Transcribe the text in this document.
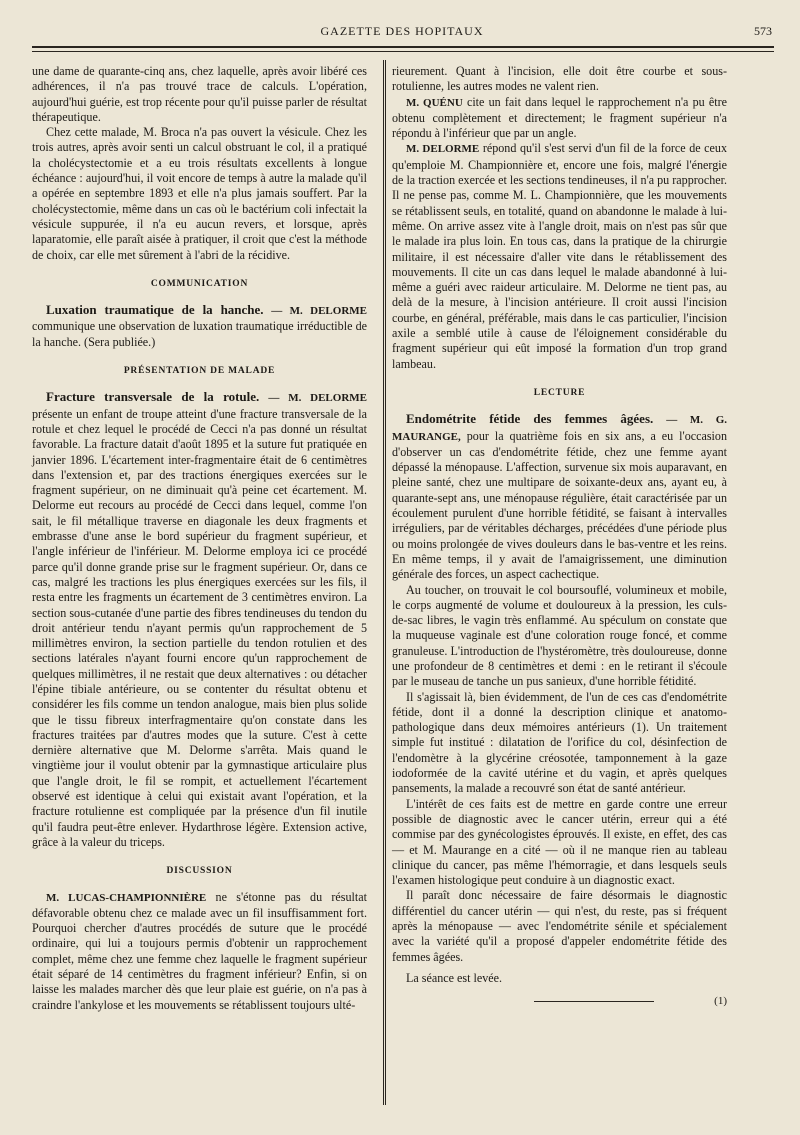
GAZETTE DES HOPITAUX	573

une dame de quarante-cinq ans, chez laquelle, après avoir libéré ces adhérences, il n'a pas trouvé trace de calculs. L'opération, aujourd'hui guérie, est trop récente pour qu'il puisse parler de résultat thérapeutique.

Chez cette malade, M. Broca n'a pas ouvert la vésicule. Chez les trois autres, après avoir senti un calcul obstruant le col, il a pratiqué la cholécystectomie et a eu trois résultats excellents à longue échéance : aujourd'hui, il voit encore de temps à autre la malade qu'il a opérée en septembre 1893 et elle n'a plus jamais souffert. Par la cholécystectomie, même dans un cas où le bactérium coli infectait la vésicule suppurée, il n'a eu aucun revers, et lorsque, après laparatomie, elle paraît aisée à pratiquer, il croit que c'est la méthode de choix, car elle met sûrement à l'abri de la récidive.

COMMUNICATION

Luxation traumatique de la hanche. — M. DELORME communique une observation de luxation traumatique irréductible de la hanche. (Sera publiée.)

PRÉSENTATION DE MALADE

Fracture transversale de la rotule. — M. DELORME présente un enfant de troupe atteint d'une fracture transversale de la rotule et chez lequel le procédé de Cecci n'a pas donné un résultat favorable. La fracture datait d'août 1895 et la suture fut pratiquée en janvier 1896. L'écartement inter-fragmentaire était de 6 centimètres dans l'extension et, par des tractions énergiques exercées sur le fragment supérieur, on ne diminuait qu'à peine cet écartement. M. Delorme eut recours au procédé de Cecci dans lequel, comme l'on sait, le fil métallique traverse en diagonale les deux fragments et embrasse d'une anse le bord supérieur du fragment supérieur, et l'angle inférieur de l'inférieur. M. Delorme employa ici ce procédé parce qu'il donne grande prise sur le fragment supérieur. Or, dans ce cas, malgré les tractions les plus énergiques exercées sur les fils, il resta entre les fragments un écartement de 3 centimètres environ. La section sous-cutanée d'une partie des fibres tendineuses du tendon du droit antérieur tendu n'ayant permis qu'un rapprochement de 5 millimètres environ, la section partielle du tendon rotulien et des sections latérales n'ayant fourni encore qu'un rapprochement de quelques millimètres, il ne restait que deux alternatives : ou détacher l'épine tibiale antérieure, ou se contenter du résultat obtenu et considérer les fils comme un tendon analogue, mais bien plus solide que le tissu fibreux interfragmentaire qu'on constate dans les fractures traitées par d'autres modes que la suture. C'est à cette dernière alternative que M. Delorme s'arrêta. Mais quand le vingtième jour il voulut obtenir par la gymnastique articulaire plus que l'angle droit, le fil se rompit, et actuellement l'écartement observé est identique à celui qui existait avant l'opération, et la fracture rotulienne est compliquée par la présence d'un fil inutile qu'il faudra peut-être enlever. Hydarthrose légère. Extension active, grâce à la valeur du triceps.

DISCUSSION

M. LUCAS-CHAMPIONNIÈRE ne s'étonne pas du résultat défavorable obtenu chez ce malade avec un fil insuffisamment fort. Pourquoi chercher d'autres procédés de suture que le procédé ordinaire, qui lui a toujours permis d'obtenir un rapprochement complet, même chez une femme chez laquelle le fragment supérieur était séparé de 14 centimètres du fragment inférieur? Enfin, si on laisse les malades marcher dès que leur plaie est guérie, on n'a pas à craindre l'ankylose et les mouvements se rétablissent toujours ulté-

rieurement. Quant à l'incision, elle doit être courbe et sous-rotulienne, les autres modes ne valent rien.

M. QUÉNU cite un fait dans lequel le rapprochement n'a pu être obtenu complètement et directement; le fragment supérieur n'a répondu à l'inférieur que par un angle.

M. DELORME répond qu'il s'est servi d'un fil de la force de ceux qu'emploie M. Championnière et, encore une fois, malgré l'énergie de la traction exercée et les sections tendineuses, il n'a pu rapprocher. Il ne pense pas, comme M. L. Championnière, que les mouvements se rétablissent seuls, en totalité, quand on abandonne le malade à lui-même. On arrive assez vite à l'angle droit, mais on n'est pas sûr que le malade ira plus loin. En tous cas, dans la pratique de la chirurgie militaire, il est nécessaire d'aller vite dans le rétablissement des mouvements. Il cite un cas dans lequel le malade abandonné à lui-même a guéri avec raideur articulaire. M. Delorme ne tient pas, au delà de la mesure, à l'incision antérieure. Il croit aussi l'incision courbe, en général, préférable, mais dans le cas particulier, l'incision axile a semblé utile à cause de l'éloignement considérable du fragment supérieur qui eût imposé la formation d'un trop grand lambeau.

LECTURE

Endométrite fétide des femmes âgées. — M. G. MAURANGE, pour la quatrième fois en six ans, a eu l'occasion d'observer un cas d'endométrite fétide, chez une femme ayant dépassé la ménopause. L'affection, survenue six mois auparavant, en pleine santé, chez une multipare de soixante-deux ans, ayant eu, à quarante-sept ans, une ménopause régulière, était caractérisée par un écoulement purulent d'une horrible fétidité, se faisant à intervalles irréguliers, par de véritables décharges, précédées d'une période plus ou moins prolongée de vives douleurs dans le bas-ventre et les reins. En même temps, il y avait de l'amaigrissement, une diminution générale des forces, un aspect cachectique.

Au toucher, on trouvait le col boursouflé, volumineux et mobile, le corps augmenté de volume et douloureux à la pression, les culs-de-sac libres, le vagin très enflammé. Au spéculum on constate que la muqueuse vaginale est d'une coloration rouge foncé, et comme granuleuse. L'introduction de l'hystéromètre, très douloureuse, donne une profondeur de 8 centimètres et demi : en le retirant il s'écoule par le museau de tanche un pus sanieux, d'une horrible fétidité.

Il s'agissait là, bien évidemment, de l'un de ces cas d'endométrite fétide, dont il a donné la description clinique et anatomo-pathologique dans deux mémoires antérieurs (1). Un traitement simple fut institué : dilatation de l'orifice du col, désinfection de l'endomètre à la glycérine créosotée, tamponnement à la gaze iodoformée de la cavité utérine et du vagin, et après quelques pansements, la malade a recouvré son état de santé antérieur.

L'intérêt de ces faits est de mettre en garde contre une erreur possible de diagnostic avec le cancer utérin, erreur qui a été commise par des gynécologistes éprouvés. Il existe, en effet, des cas — et M. Maurange en a cité — où il ne manque rien au tableau clinique du cancer, pas même l'hémorragie, et dans lesquels seuls l'examen histologique peut conduire à un diagnostic exact.

Il paraît donc nécessaire de faire désormais le diagnostic différentiel du cancer utérin — qui n'est, du reste, pas si fréquent après la ménopause — avec l'endométrite sénile et spécialement avec la variété qu'il a proposé d'appeler endométrite fétide des femmes âgées.

La séance est levée.

(1)
